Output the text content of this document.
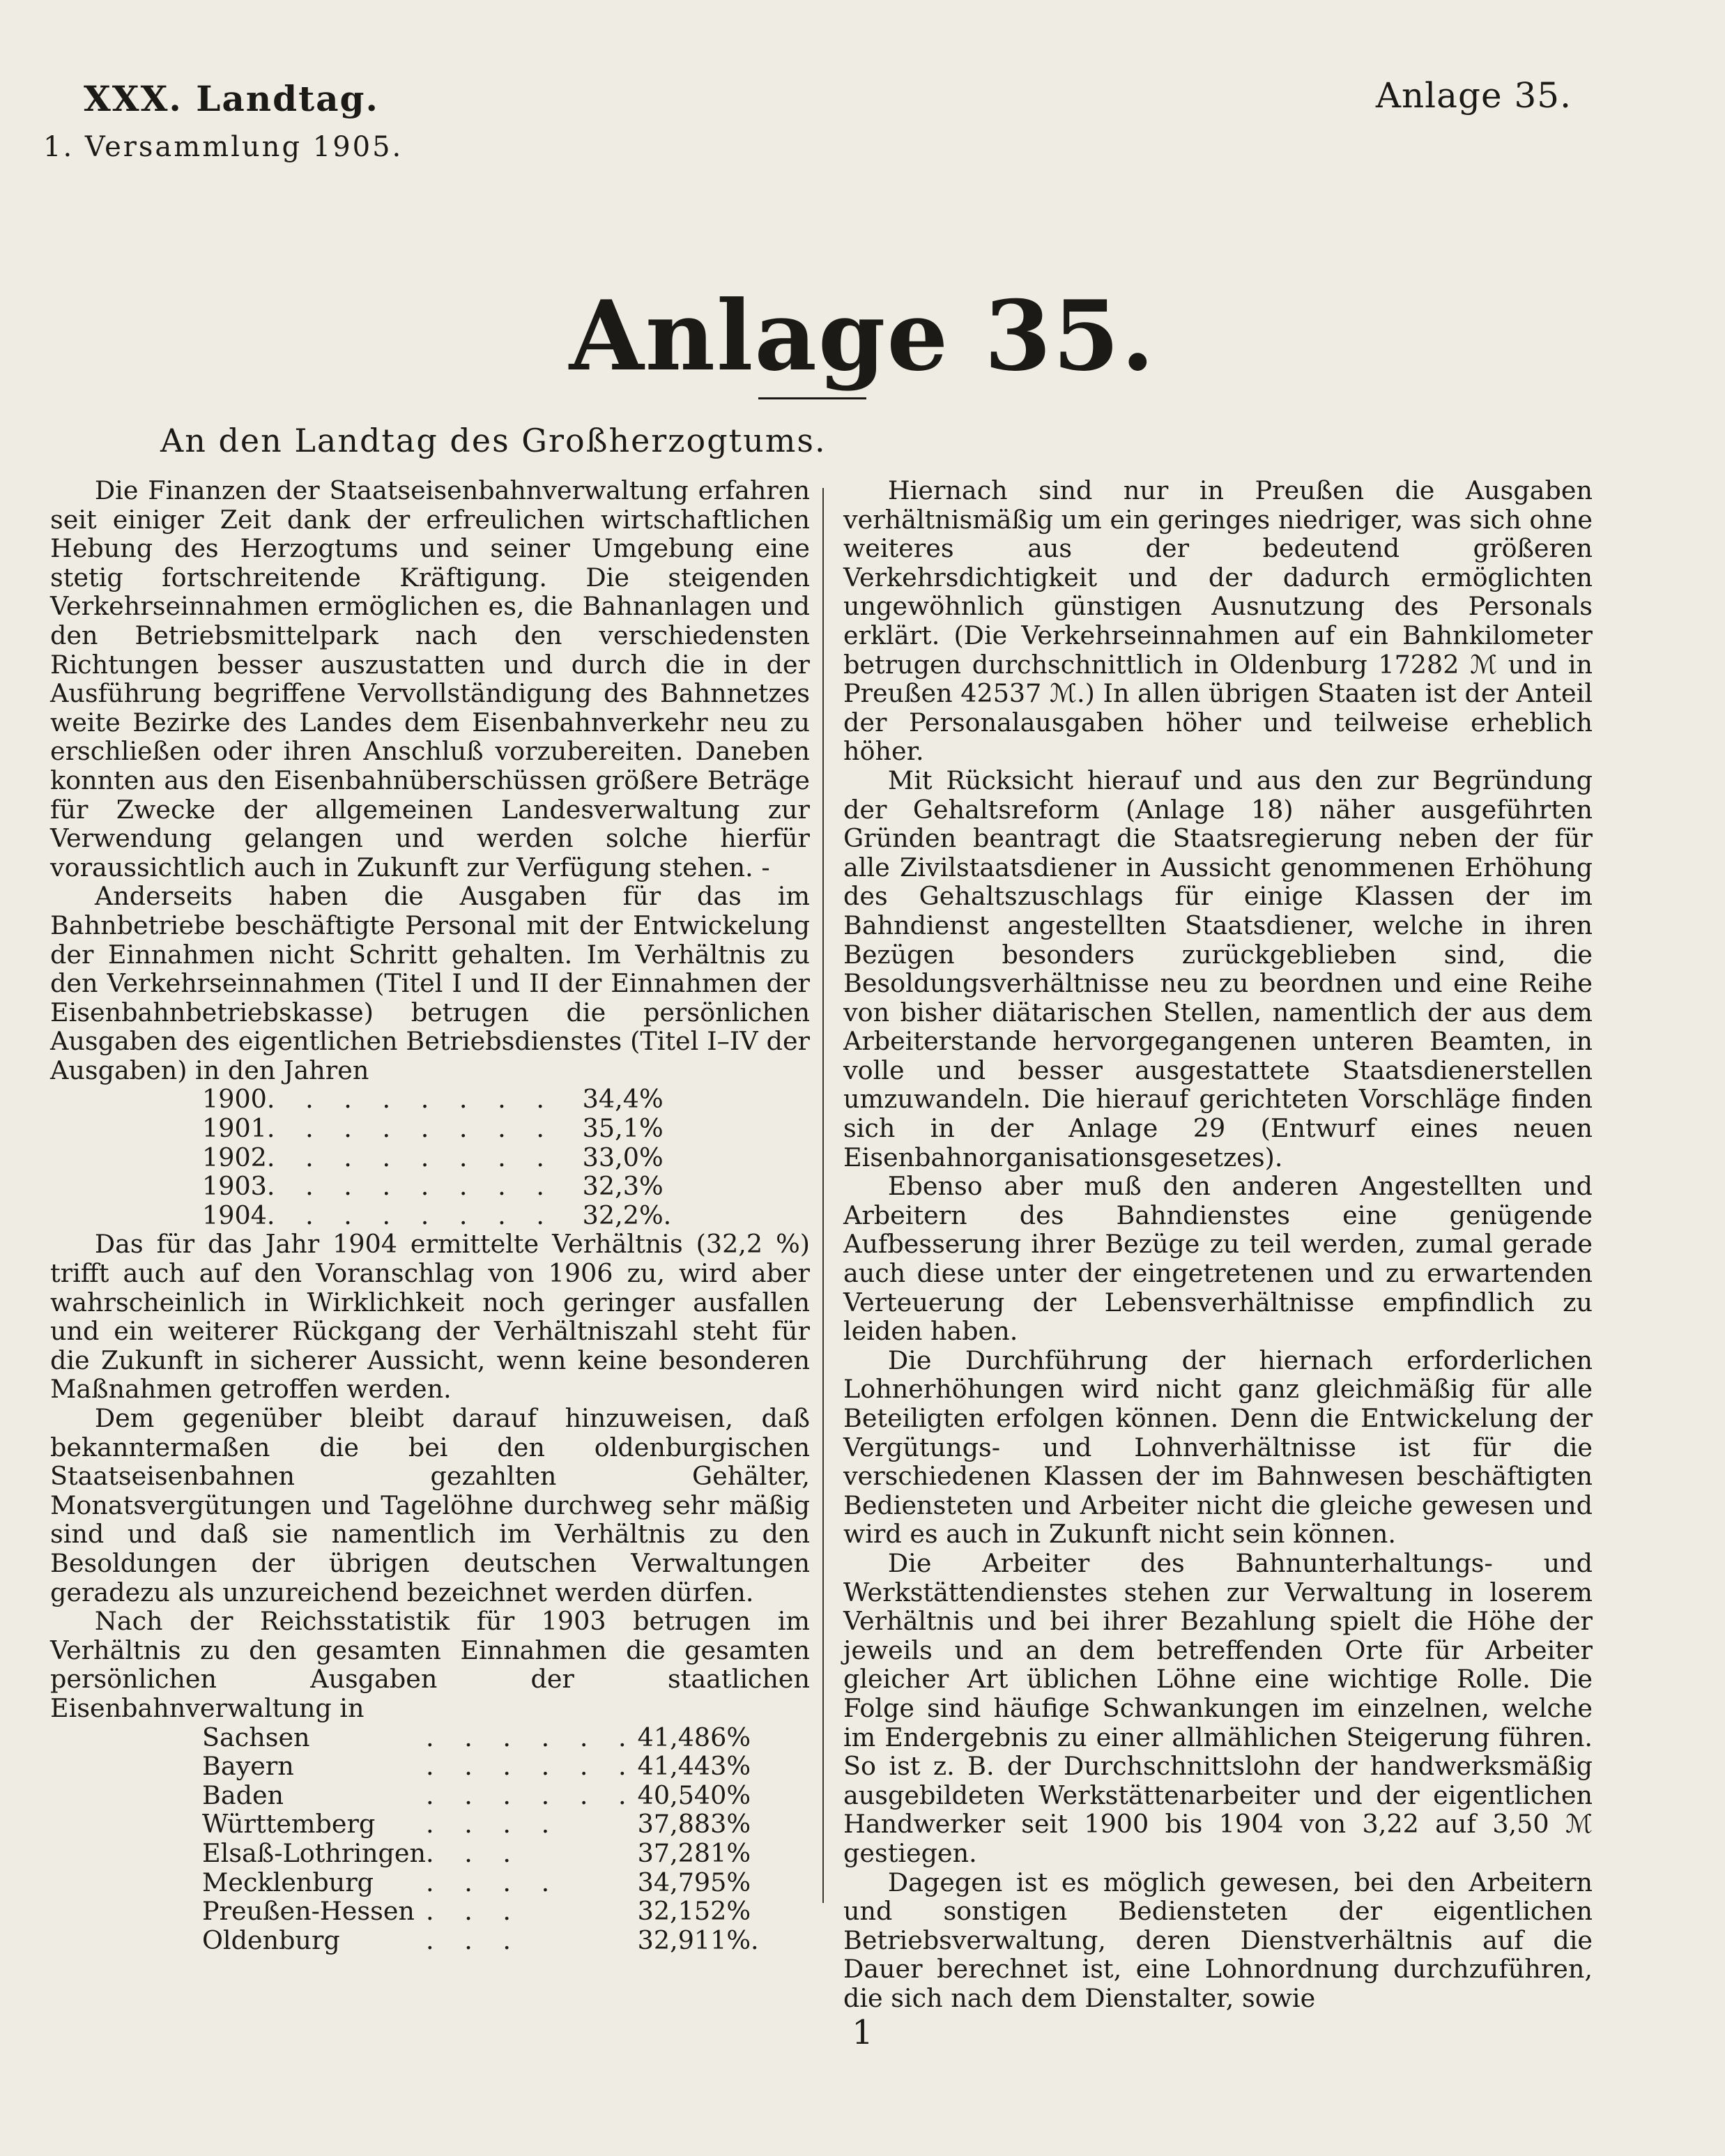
XXX. Landtag.
1. Versammlung 1905.
Anlage 35.
Anlage 35.
An den Landtag des Großherzogtums.

Die Finanzen der Staatseisenbahnverwaltung erfahren seit einiger Zeit dank der erfreulichen wirtschaftlichen Hebung des Herzogtums und seiner Umgebung eine stetig fortschreitende Kräftigung. Die steigenden Verkehrseinnahmen ermöglichen es, die Bahnanlagen und den Betriebsmittelpark nach den verschiedensten Richtungen besser auszustatten und durch die in der Ausführung begriffene Vervollständigung des Bahnnetzes weite Bezirke des Landes dem Eisenbahnverkehr neu zu erschließen oder ihren Anschluß vorzubereiten. Daneben konnten aus den Eisenbahnüberschüssen größere Beträge für Zwecke der allgemeinen Landesverwaltung zur Verwendung gelangen und werden solche hierfür voraussichtlich auch in Zukunft zur Verfügung stehen. -

Anderseits haben die Ausgaben für das im Bahnbetriebe beschäftigte Personal mit der Entwickelung der Einnahmen nicht Schritt gehalten. Im Verhältnis zu den Verkehrseinnahmen (Titel I und II der Einnahmen der Eisenbahnbetriebskasse) betrugen die persönlichen Ausgaben des eigentlichen Betriebsdienstes (Titel I–IV der Ausgaben) in den Jahren

1900	. . . . . . . .	34,4	%
1901	. . . . . . . .	35,1	%
1902	. . . . . . . .	33,0	%
1903	. . . . . . . .	32,3	%
1904	. . . . . . . .	32,2	%.

Das für das Jahr 1904 ermittelte Verhältnis (32,2 %) trifft auch auf den Voranschlag von 1906 zu, wird aber wahrscheinlich in Wirklichkeit noch geringer ausfallen und ein weiterer Rückgang der Verhältniszahl steht für die Zukunft in sicherer Aussicht, wenn keine besonderen Maßnahmen getroffen werden.

Dem gegenüber bleibt darauf hinzuweisen, daß bekanntermaßen die bei den oldenburgischen Staatseisenbahnen gezahlten Gehälter, Monatsvergütungen und Tagelöhne durchweg sehr mäßig sind und daß sie namentlich im Verhältnis zu den Besoldungen der übrigen deutschen Verwaltungen geradezu als unzureichend bezeichnet werden dürfen.

Nach der Reichsstatistik für 1903 betrugen im Verhältnis zu den gesamten Einnahmen die gesamten persönlichen Ausgaben der staatlichen Eisenbahnverwaltung in

Sachsen	. . . . . .	41,486	%
Bayern	. . . . . .	41,443	%
Baden	. . . . . .	40,540	%
Württemberg	. . . .	37,883	%
Elsaß-Lothringen	. . .	37,281	%
Mecklenburg	. . . .	34,795	%
Preußen-Hessen	. . .	32,152	%
Oldenburg	. . .	32,911	%.

Hiernach sind nur in Preußen die Ausgaben verhältnismäßig um ein geringes niedriger, was sich ohne weiteres aus der bedeutend größeren Verkehrsdichtigkeit und der dadurch ermöglichten ungewöhnlich günstigen Ausnutzung des Personals erklärt. (Die Verkehrseinnahmen auf ein Bahnkilometer betrugen durchschnittlich in Oldenburg 17282 ℳ und in Preußen 42537 ℳ.) In allen übrigen Staaten ist der Anteil der Personalausgaben höher und teilweise erheblich höher.

Mit Rücksicht hierauf und aus den zur Begründung der Gehaltsreform (Anlage 18) näher ausgeführten Gründen beantragt die Staatsregierung neben der für alle Zivilstaatsdiener in Aussicht genommenen Erhöhung des Gehaltszuschlags für einige Klassen der im Bahndienst angestellten Staatsdiener, welche in ihren Bezügen besonders zurückgeblieben sind, die Besoldungsverhältnisse neu zu beordnen und eine Reihe von bisher diätarischen Stellen, namentlich der aus dem Arbeiterstande hervorgegangenen unteren Beamten, in volle und besser ausgestattete Staatsdienerstellen umzuwandeln. Die hierauf gerichteten Vorschläge finden sich in der Anlage 29 (Entwurf eines neuen Eisenbahnorganisationsgesetzes).

Ebenso aber muß den anderen Angestellten und Arbeitern des Bahndienstes eine genügende Aufbesserung ihrer Bezüge zu teil werden, zumal gerade auch diese unter der eingetretenen und zu erwartenden Verteuerung der Lebensverhältnisse empfindlich zu leiden haben.

Die Durchführung der hiernach erforderlichen Lohnerhöhungen wird nicht ganz gleichmäßig für alle Beteiligten erfolgen können. Denn die Entwickelung der Vergütungs- und Lohnverhältnisse ist für die verschiedenen Klassen der im Bahnwesen beschäftigten Bediensteten und Arbeiter nicht die gleiche gewesen und wird es auch in Zukunft nicht sein können.

Die Arbeiter des Bahnunterhaltungs- und Werkstättendienstes stehen zur Verwaltung in loserem Verhältnis und bei ihrer Bezahlung spielt die Höhe der jeweils und an dem betreffenden Orte für Arbeiter gleicher Art üblichen Löhne eine wichtige Rolle. Die Folge sind häufige Schwankungen im einzelnen, welche im Endergebnis zu einer allmählichen Steigerung führen. So ist z. B. der Durchschnittslohn der handwerksmäßig ausgebildeten Werkstättenarbeiter und der eigentlichen Handwerker seit 1900 bis 1904 von 3,22 auf 3,50 ℳ gestiegen.

Dagegen ist es möglich gewesen, bei den Arbeitern und sonstigen Bediensteten der eigentlichen Betriebsverwaltung, deren Dienstverhältnis auf die Dauer berechnet ist, eine Lohnordnung durchzuführen, die sich nach dem Dienstalter, sowie

1
